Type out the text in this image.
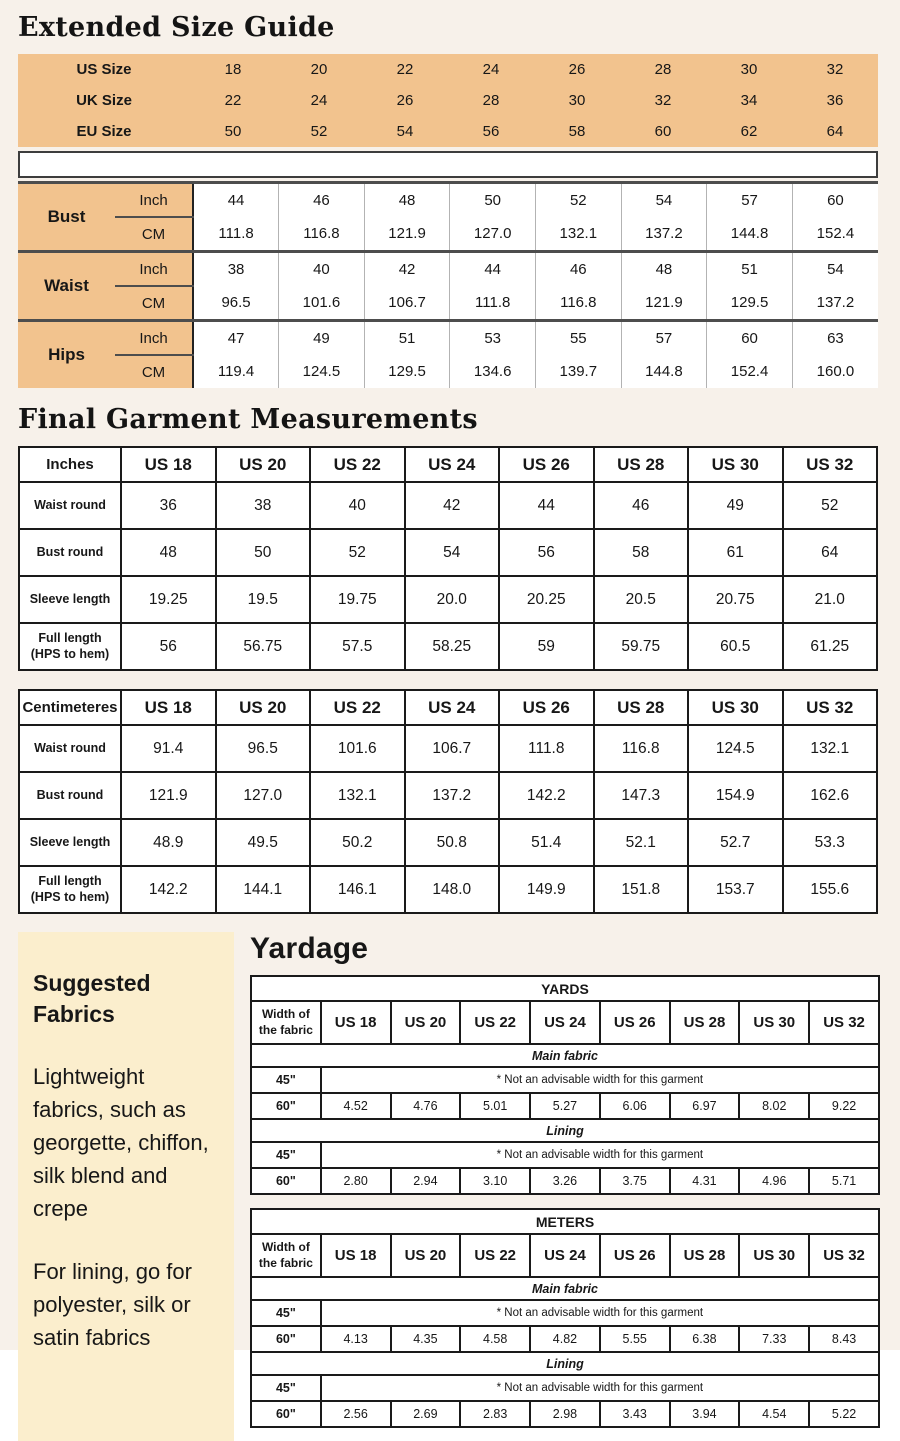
Extended Size Guide
US Size	18	20	22	24	26	28	30	32
UK Size	22	24	26	28	30	32	34	36
EU Size	50	52	54	56	58	60	62	64
Bust	Inch	44	46	48	50	52	54	57	60
	CM	111.8	116.8	121.9	127.0	132.1	137.2	144.8	152.4
Waist	Inch	38	40	42	44	46	48	51	54
	CM	96.5	101.6	106.7	111.8	116.8	121.9	129.5	137.2
Hips	Inch	47	49	51	53	55	57	60	63
	CM	119.4	124.5	129.5	134.6	139.7	144.8	152.4	160.0
Final Garment Measurements
Inches	US 18	US 20	US 22	US 24	US 26	US 28	US 30	US 32
Waist round	36	38	40	42	44	46	49	52
Bust round	48	50	52	54	56	58	61	64
Sleeve length	19.25	19.5	19.75	20.0	20.25	20.5	20.75	21.0
Full length (HPS to hem)	56	56.75	57.5	58.25	59	59.75	60.5	61.25
Centimeteres	US 18	US 20	US 22	US 24	US 26	US 28	US 30	US 32
Waist round	91.4	96.5	101.6	106.7	111.8	116.8	124.5	132.1
Bust round	121.9	127.0	132.1	137.2	142.2	147.3	154.9	162.6
Sleeve length	48.9	49.5	50.2	50.8	51.4	52.1	52.7	53.3
Full length (HPS to hem)	142.2	144.1	146.1	148.0	149.9	151.8	153.7	155.6
Suggested Fabrics

Lightweight fabrics, such as georgette, chiffon, silk blend and crepe

For lining, go for polyester, silk or satin fabrics

Yardage
YARDS								
Width of the fabric	US 18	US 20	US 22	US 24	US 26	US 28	US 30	US 32
Main fabric								
45"	* Not an advisable width for this garment							
60"	4.52	4.76	5.01	5.27	6.06	6.97	8.02	9.22
Lining								
45"	* Not an advisable width for this garment							
60"	2.80	2.94	3.10	3.26	3.75	4.31	4.96	5.71
METERS								
Width of the fabric	US 18	US 20	US 22	US 24	US 26	US 28	US 30	US 32
Main fabric								
45"	* Not an advisable width for this garment							
60"	4.13	4.35	4.58	4.82	5.55	6.38	7.33	8.43
Lining								
45"	* Not an advisable width for this garment							
60"	2.56	2.69	2.83	2.98	3.43	3.94	4.54	5.22
